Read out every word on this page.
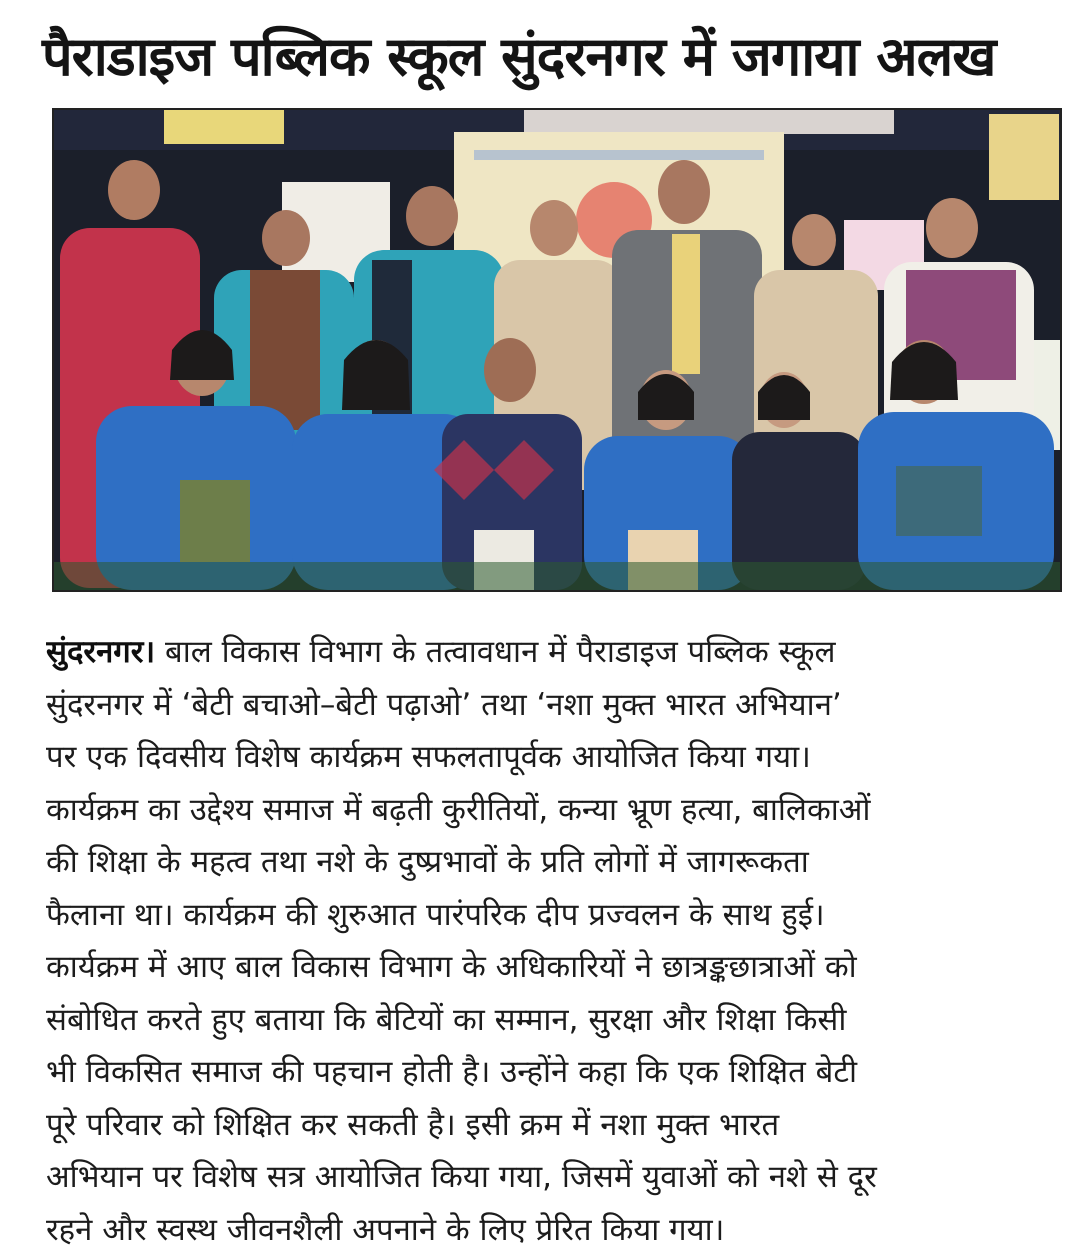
पैराडाइज पब्लिक स्कूल सुंदरनगर में जगाया अलख
सुंदरनगर। बाल विकास विभाग के तत्वावधान में पैराडाइज पब्लिक स्कूल
सुंदरनगर में ‘बेटी बचाओ–बेटी पढ़ाओ’ तथा ‘नशा मुक्त भारत अभियान’
पर एक दिवसीय विशेष कार्यक्रम सफलतापूर्वक आयोजित किया गया।
कार्यक्रम का उद्देश्य समाज में बढ़ती कुरीतियों, कन्या भ्रूण हत्या, बालिकाओं
की शिक्षा के महत्व तथा नशे के दुष्प्रभावों के प्रति लोगों में जागरूकता
फैलाना था। कार्यक्रम की शुरुआत पारंपरिक दीप प्रज्वलन के साथ हुई।
कार्यक्रम में आए बाल विकास विभाग के अधिकारियों ने छात्रङ्कछात्राओं को
संबोधित करते हुए बताया कि बेटियों का सम्मान, सुरक्षा और शिक्षा किसी
भी विकसित समाज की पहचान होती है। उन्होंने कहा कि एक शिक्षित बेटी
पूरे परिवार को शिक्षित कर सकती है। इसी क्रम में नशा मुक्त भारत
अभियान पर विशेष सत्र आयोजित किया गया, जिसमें युवाओं को नशे से दूर
रहने और स्वस्थ जीवनशैली अपनाने के लिए प्रेरित किया गया।
